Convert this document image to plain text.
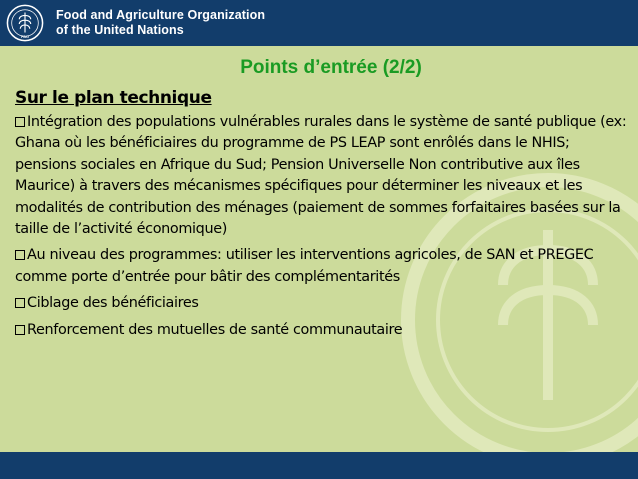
FAO
Food and Agriculture Organization
of the United Nations
Points d’entrée (2/2)
Sur le plan technique
Intégration des populations vulnérables rurales dans le système de santé publique (ex: Ghana où les bénéficiaires du programme de PS LEAP sont enrôlés dans le NHIS; pensions sociales en Afrique du Sud; Pension Universelle Non contributive aux îles Maurice) à travers des mécanismes spécifiques pour déterminer les niveaux et les modalités de contribution des ménages (paiement de sommes forfaitaires basées sur la taille de l’activité économique)
Au niveau des programmes: utiliser les interventions agricoles, de SAN et PREGEC comme porte d’entrée pour bâtir des complémentarités
Ciblage des bénéficiaires
Renforcement des mutuelles de santé communautaire
